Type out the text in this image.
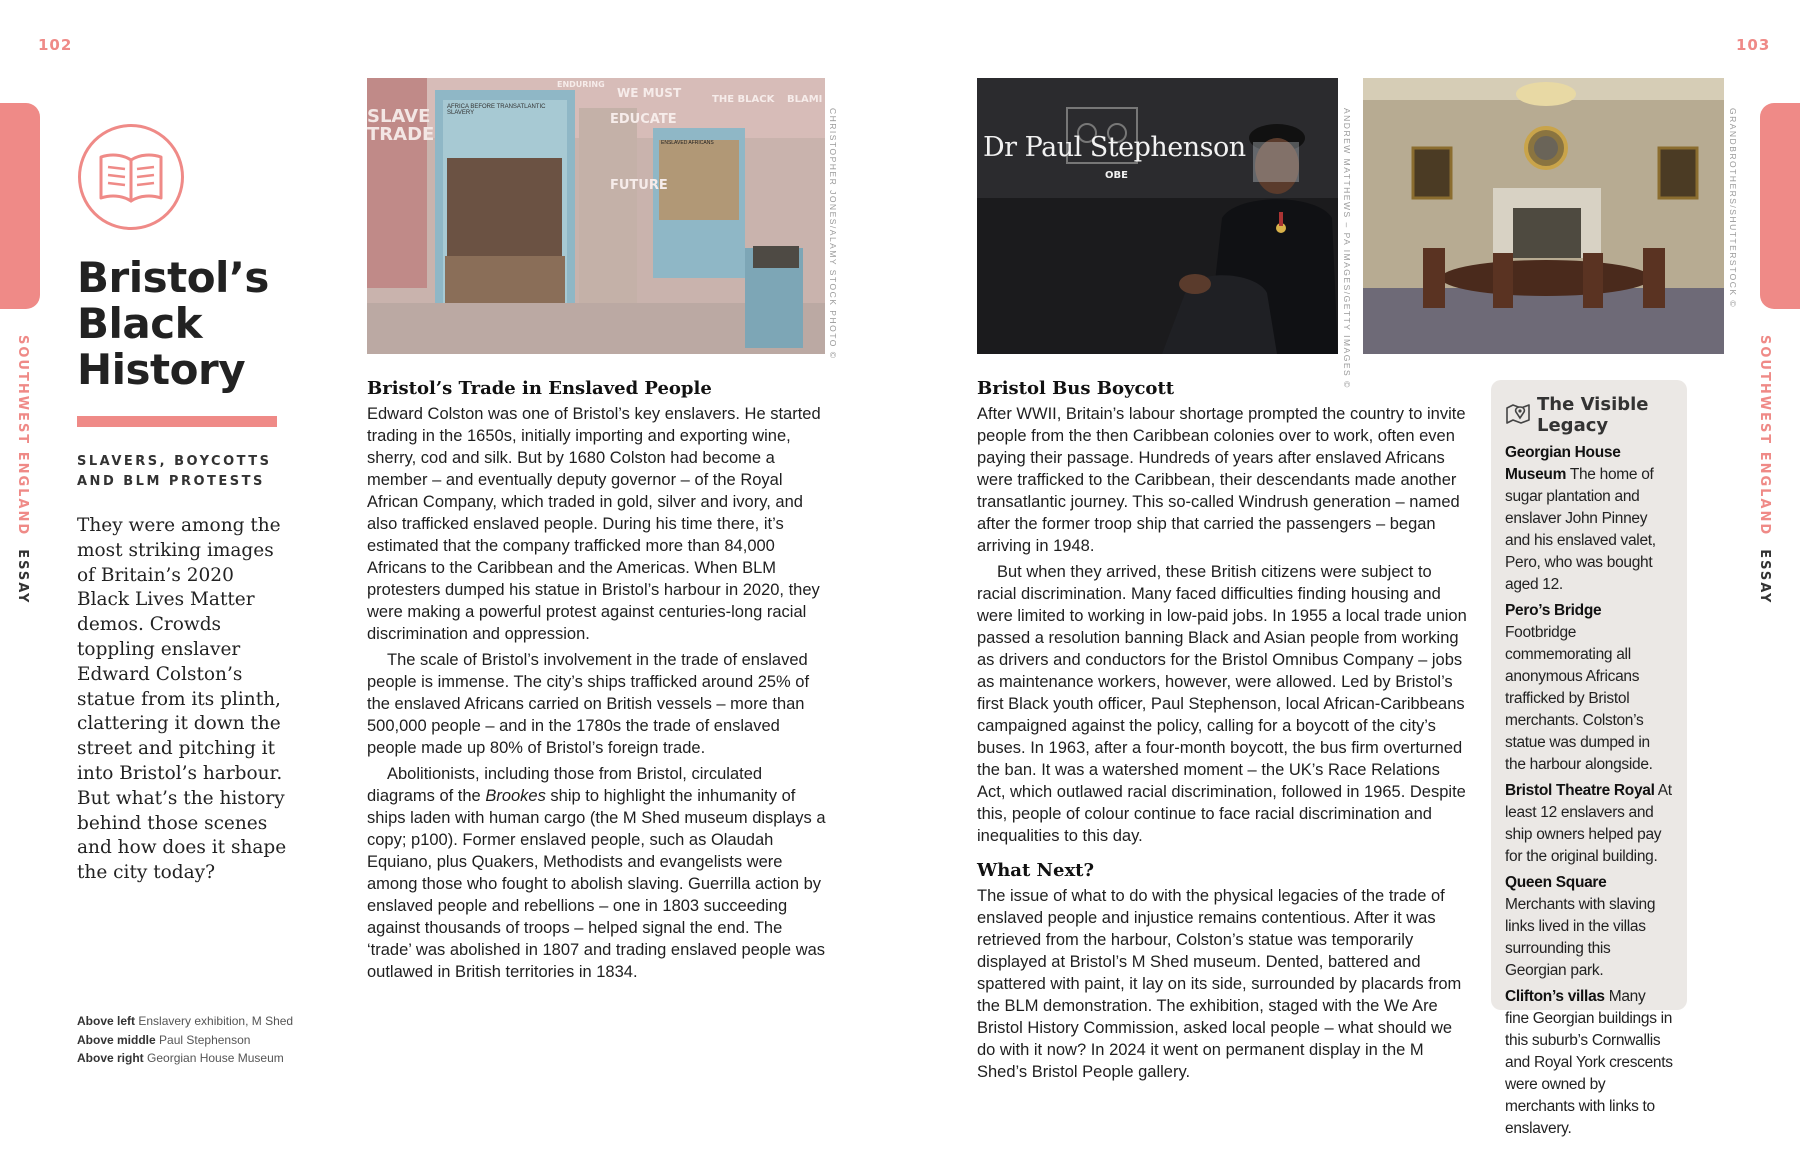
102	103
SOUTHWEST ENGLAND  ESSAY
SOUTHWEST ENGLAND  ESSAY
Bristol’s Black History
SLAVERS, BOYCOTTS AND BLM PROTESTS
They were among the most striking images of Britain’s 2020 Black Lives Matter demos. Crowds toppling enslaver Edward Colston’s statue from its plinth, clattering it down the street and pitching it into Bristol’s harbour. But what’s the history behind those scenes and how does it shape the city today?
Above left Enslavery exhibition, M Shed
Above middle Paul Stephenson
Above right Georgian House Museum
SLAVE TRADE
AFRICA BEFORE TRANSATLANTIC SLAVERY	EDUCATE
FUTURE
THE BLACK BLAMI
WE MUST
ENDURING
ENSLAVED AFRICANS	CHRISTOPHER JONES/ALAMY STOCK PHOTO ©	Dr Paul Stephenson
OBE	ANDREW MATTHEWS – PA IMAGES/GETTY IMAGES ©	GRANDBROTHERS/SHUTTERSTOCK ©
Bristol’s Trade in Enslaved People

Edward Colston was one of Bristol’s key enslavers. He started trading in the 1650s, initially importing and exporting wine, sherry, cod and silk. But by 1680 Colston had become a member – and eventually deputy governor – of the Royal African Company, which traded in gold, silver and ivory, and also trafficked enslaved people. During his time there, it’s estimated that the company trafficked more than 84,000 Africans to the Caribbean and the Americas. When BLM protesters dumped his statue in Bristol’s harbour in 2020, they were making a powerful protest against centuries-long racial discrimination and oppression.

The scale of Bristol’s involvement in the trade of enslaved people is immense. The city’s ships trafficked around 25% of the enslaved Africans carried on British vessels – more than 500,000 people – and in the 1780s the trade of enslaved people made up 80% of Bristol’s foreign trade.

Abolitionists, including those from Bristol, circulated diagrams of the Brookes ship to highlight the inhumanity of ships laden with human cargo (the M Shed museum displays a copy; p100). Former enslaved people, such as Olaudah Equiano, plus Quakers, Methodists and evangelists were among those who fought to abolish slaving. Guerrilla action by enslaved people and rebellions – one in 1803 succeeding against thousands of troops – helped signal the end. The ‘trade’ was abolished in 1807 and trading enslaved people was outlawed in British territories in 1834.

Bristol Bus Boycott

After WWII, Britain’s labour shortage prompted the country to invite people from the then Caribbean colonies over to work, often even paying their passage. Hundreds of years after enslaved Africans were trafficked to the Caribbean, their descendants made another transatlantic journey. This so-called Windrush generation – named after the former troop ship that carried the passengers – began arriving in 1948.

But when they arrived, these British citizens were subject to racial discrimination. Many faced difficulties finding housing and were limited to working in low-paid jobs. In 1955 a local trade union passed a resolution banning Black and Asian people from working as drivers and conductors for the Bristol Omnibus Company – jobs as maintenance workers, however, were allowed. Led by Bristol’s first Black youth officer, Paul Stephenson, local African-Caribbeans campaigned against the policy, calling for a boycott of the city’s buses. In 1963, after a four-month boycott, the bus firm overturned the ban. It was a watershed moment – the UK’s Race Relations Act, which outlawed racial discrimination, followed in 1965. Despite this, people of colour continue to face racial discrimination and inequalities to this day.

What Next?

The issue of what to do with the physical legacies of the trade of enslaved people and injustice remains contentious. After it was retrieved from the harbour, Colston’s statue was temporarily displayed at Bristol’s M Shed museum. Dented, battered and spattered with paint, it lay on its side, surrounded by placards from the BLM demonstration. The exhibition, staged with the We Are Bristol History Commission, asked local people – what should we do with it now? In 2024 it went on permanent display in the M Shed’s Bristol People gallery.

The Visible Legacy

Georgian House Museum The home of sugar plantation and enslaver John Pinney and his enslaved valet, Pero, who was bought aged 12.

Pero’s Bridge Footbridge commemorating all anonymous Africans trafficked by Bristol merchants. Colston’s statue was dumped in the harbour alongside.

Bristol Theatre Royal At least 12 enslavers and ship owners helped pay for the original building.

Queen Square Merchants with slaving links lived in the villas surrounding this Georgian park.

Clifton’s villas Many fine Georgian buildings in this suburb’s Cornwallis and Royal York crescents were owned by merchants with links to enslavery.
